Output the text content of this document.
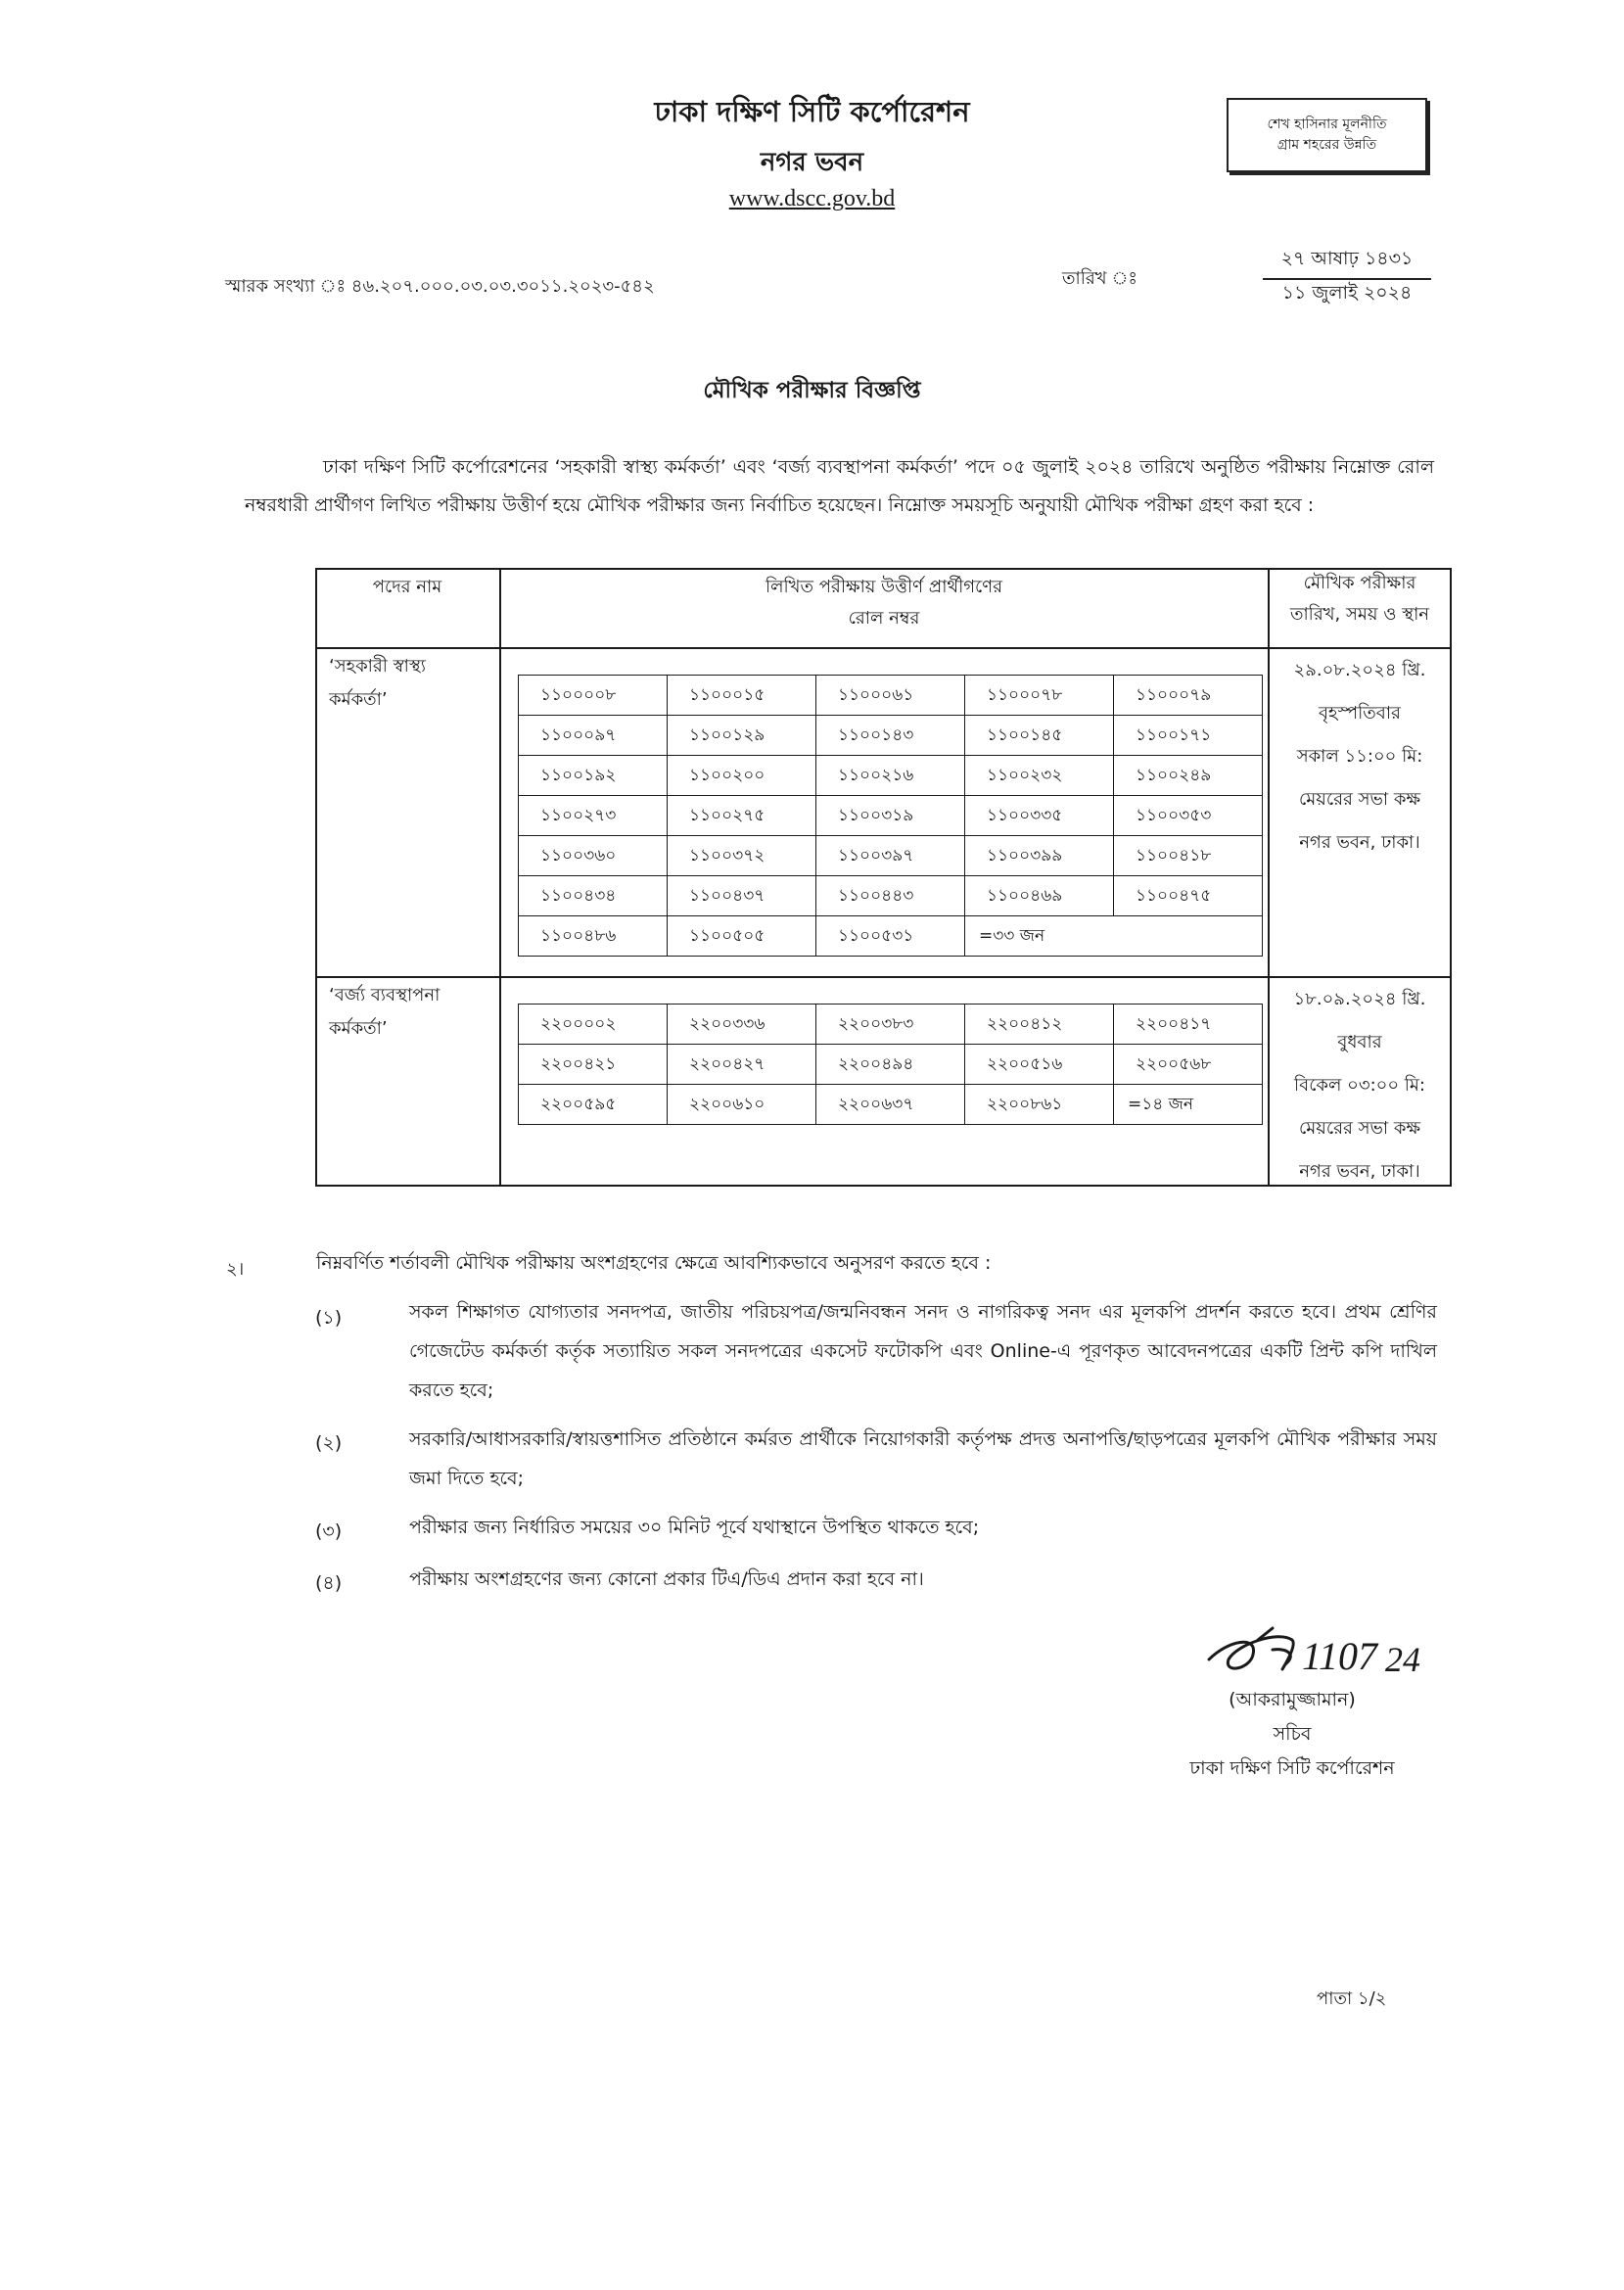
ঢাকা দক্ষিণ সিটি কর্পোরেশন
নগর ভবন
www.dscc.gov.bd
শেখ হাসিনার মূলনীতি
গ্রাম শহরের উন্নতি
স্মারক সংখ্যা ঃ ৪৬.২০৭.০০০.০৩.০৩.৩০১১.২০২৩-৫৪২	তারিখ ঃ
২৭ আষাঢ় ১৪৩১
১১ জুলাই ২০২৪
মৌখিক পরীক্ষার বিজ্ঞপ্তি
ঢাকা দক্ষিণ সিটি কর্পোরেশনের ‘সহকারী স্বাস্থ্য কর্মকর্তা’ এবং ‘বর্জ্য ব্যবস্থাপনা কর্মকর্তা’ পদে ০৫ জুলাই ২০২৪ তারিখে অনুষ্ঠিত পরীক্ষায় নিম্নোক্ত রোল নম্বরধারী প্রার্থীগণ লিখিত পরীক্ষায় উত্তীর্ণ হয়ে মৌখিক পরীক্ষার জন্য নির্বাচিত হয়েছেন। নিম্নোক্ত সময়সূচি অনুযায়ী মৌখিক পরীক্ষা গ্রহণ করা হবে :
পদের নাম	লিখিত পরীক্ষায় উত্তীর্ণ প্রার্থীগণের
রোল নম্বর
মৌখিক পরীক্ষার
তারিখ, সময় ও স্থান
‘সহকারী স্বাস্থ্য
কর্মকর্তা’	১১০০০০৮	১১০০০১৫	১১০০০৬১	১১০০০৭৮	১১০০০৭৯
১১০০০৯৭	১১০০১২৯	১১০০১৪৩	১১০০১৪৫	১১০০১৭১
১১০০১৯২	১১০০২০০	১১০০২১৬	১১০০২৩২	১১০০২৪৯
১১০০২৭৩	১১০০২৭৫	১১০০৩১৯	১১০০৩৩৫	১১০০৩৫৩
১১০০৩৬০	১১০০৩৭২	১১০০৩৯৭	১১০০৩৯৯	১১০০৪১৮
১১০০৪৩৪	১১০০৪৩৭	১১০০৪৪৩	১১০০৪৬৯	১১০০৪৭৫
১১০০৪৮৬	১১০০৫০৫	১১০০৫৩১	=৩৩ জন
২৯.০৮.২০২৪ খ্রি.
বৃহস্পতিবার
সকাল ১১:০০ মি:
মেয়রের সভা কক্ষ
নগর ভবন, ঢাকা।
‘বর্জ্য ব্যবস্থাপনা
কর্মকর্তা’	২২০০০০২	২২০০৩৩৬	২২০০৩৮৩	২২০০৪১২	২২০০৪১৭
২২০০৪২১	২২০০৪২৭	২২০০৪৯৪	২২০০৫১৬	২২০০৫৬৮
২২০০৫৯৫	২২০০৬১০	২২০০৬৩৭	২২০০৮৬১	=১৪ জন
১৮.০৯.২০২৪ খ্রি.
বুধবার
বিকেল ০৩:০০ মি:
মেয়রের সভা কক্ষ
নগর ভবন, ঢাকা।
২।	নিম্নবর্ণিত শর্তাবলী মৌখিক পরীক্ষায় অংশগ্রহণের ক্ষেত্রে আবশ্যিকভাবে অনুসরণ করতে হবে :
(১)	সকল শিক্ষাগত যোগ্যতার সনদপত্র, জাতীয় পরিচয়পত্র/জন্মনিবন্ধন সনদ ও নাগরিকত্ব সনদ এর মূলকপি প্রদর্শন করতে হবে। প্রথম শ্রেণির গেজেটেড কর্মকর্তা কর্তৃক সত্যায়িত সকল সনদপত্রের একসেট ফটোকপি এবং Online-এ পূরণকৃত আবেদনপত্রের একটি প্রিন্ট কপি দাখিল করতে হবে;
(২)	সরকারি/আধাসরকারি/স্বায়ত্তশাসিত প্রতিষ্ঠানে কর্মরত প্রার্থীকে নিয়োগকারী কর্তৃপক্ষ প্রদত্ত অনাপত্তি/ছাড়পত্রের মূলকপি মৌখিক পরীক্ষার সময় জমা দিতে হবে;
(৩)	পরীক্ষার জন্য নির্ধারিত সময়ের ৩০ মিনিট পূর্বে যথাস্থানে উপস্থিত থাকতে হবে;
(৪)	পরীক্ষায় অংশগ্রহণের জন্য কোনো প্রকার টিএ/ডিএ প্রদান করা হবে না।
1107 24
(আকরামুজ্জামান)
সচিব
ঢাকা দক্ষিণ সিটি কর্পোরেশন
পাতা ১/২
